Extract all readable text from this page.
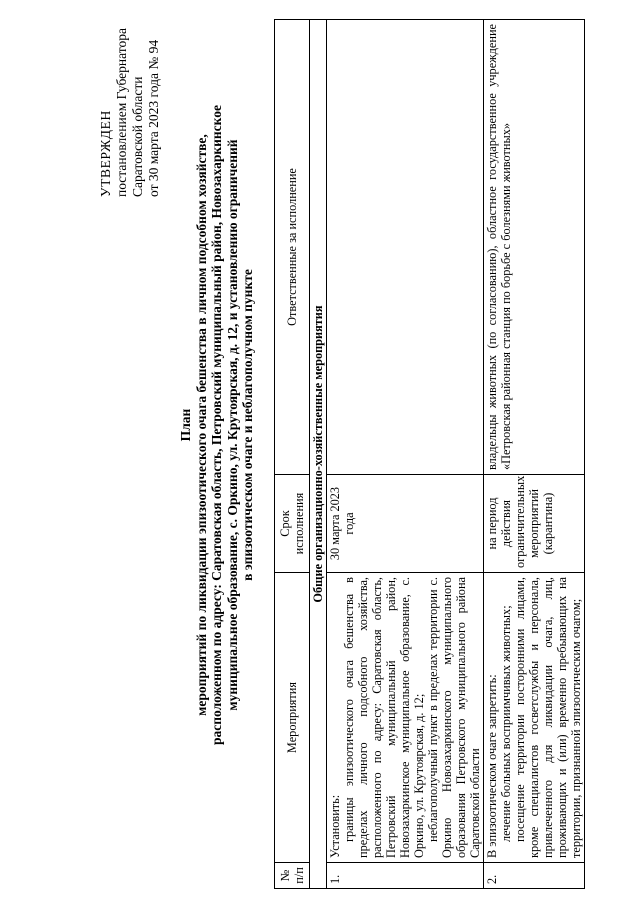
УТВЕРЖДЕН постановлением Губернатора Саратовской области от 30 марта 2023 года № 94
План мероприятий по ликвидации эпизоотического очага бешенства в личном подсобном хозяйстве, расположенном по адресу: Саратовская область, Петровский муниципальный район, Новозахаркинское муниципальное образование, с. Оркино, ул. Крутоярская, д. 12, и установлению ограничений в эпизоотическом очаге и неблагополучном пункте
№ п/п	Мероприятия	Срок исполнения	Ответственные за исполнение
Общие организационно-хозяйственные мероприятия			
1.	Установить: границы эпизоотического очага бешенства в пределах личного подсобного хозяйства, расположенного по адресу: Саратовская область, Петровский муниципальный район, Новозахаркинское муниципальное образование, с. Оркино, ул. Крутоярская, д. 12; неблагополучный пункт в пределах территории с. Оркино Новозахаркинского муниципального образования Петровского муниципального района Саратовской области	30 марта 2023 года	
2.	В эпизоотическом очаге запретить: лечение больных восприимчивых животных; посещение территории посторонними лицами, кроме специалистов госветслужбы и персонала, привлеченного для ликвидации очага, лиц, проживающих и (или) временно пребывающих на территории, признанной эпизоотическим очагом;	на период действия ограничительных мероприятий (карантина)	владельцы животных (по согласованию), областное государственное учреждение «Петровская районная станция по борьбе с болезнями животных»
